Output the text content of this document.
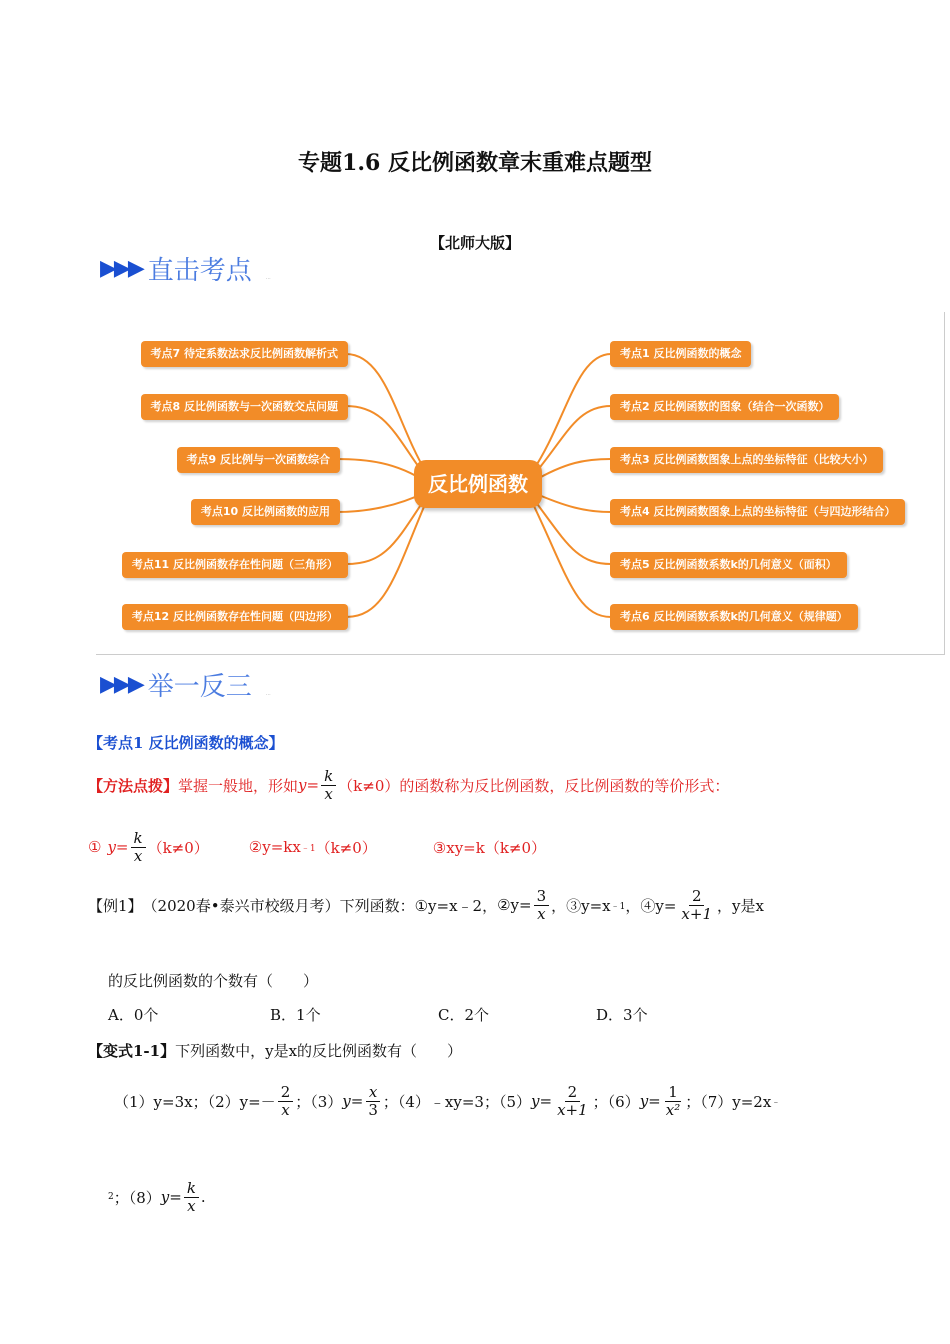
专题1.6 反比例函数章末重难点题型
【北师大版】
▶▶▶ 直击考点	…
考点7 待定系数法求反比例函数解析式
考点8 反比例函数与一次函数交点问题
考点9 反比例与一次函数综合
考点10 反比例函数的应用
考点11 反比例函数存在性问题（三角形）
考点12 反比例函数存在性问题（四边形）
反比例函数
考点1 反比例函数的概念
考点2 反比例函数的图象（结合一次函数）
考点3 反比例函数图象上点的坐标特征（比较大小）
考点4 反比例函数图象上点的坐标特征（与四边形结合）
考点5 反比例函数系数k的几何意义（面积）
考点6 反比例函数系数k的几何意义（规律题）
▶▶▶ 举一反三	…
【考点1 反比例函数的概念】
【方法点拨】 掌握一般地，形如 $y= \frac{k}{x} (k\ne 0)$的函数称为反比例函数，反比例函数的等价形式：
① $y= \frac{k}{x} (k\ne 0)$	②y=kx ﹣1 （k≠0）	③xy=k（k≠0）
【例1】 （2020春•泰兴市校级月考）下列函数： ①y=x﹣2， ②y= $\frac{3}{x}$ ，③y=x ﹣1 ，④y= $\frac{2}{x+1}$ ，y是x
的反比例函数的个数有（　　）
A．0个	B．1个	C．2个	D．3个
【变式1-1】下列函数中，y是x的反比例函数有（　　）
（1）y=3x；（2） $y=- \frac{2}{x}$ ；（3） $y= \frac{x}{3}$ ；（4）﹣xy=3；（5） $y= \frac{2}{x+1}$ ；（6） $y= \frac{1}{\text{x²}}$ ；（7）y=2x ﹣
2 ；（8） $y= \frac{k}{x}$ .
